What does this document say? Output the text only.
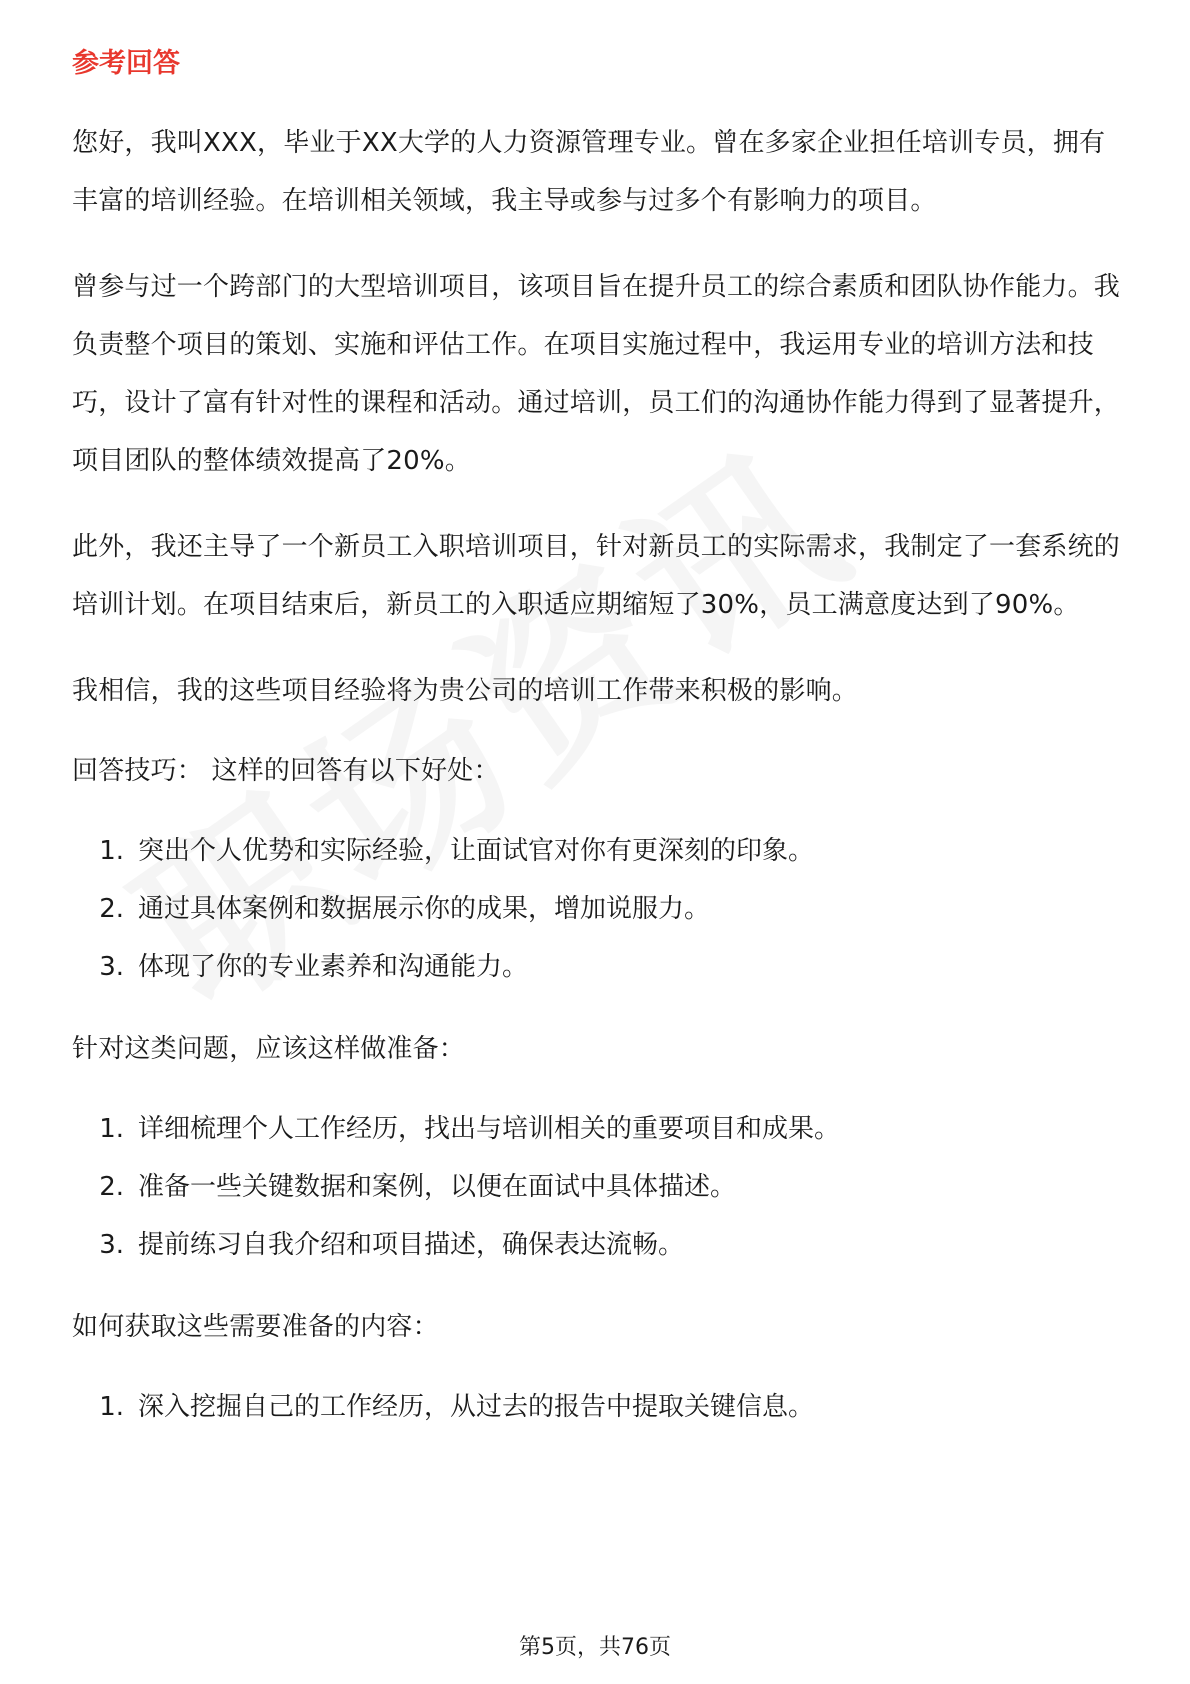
参考回答

您好，我叫XXX，毕业于XX大学的人力资源管理专业。曾在多家企业担任培训专员，拥有丰富的培训经验。在培训相关领域，我主导或参与过多个有影响力的项目。

曾参与过一个跨部门的大型培训项目，该项目旨在提升员工的综合素质和团队协作能力。我负责整个项目的策划、实施和评估工作。在项目实施过程中，我运用专业的培训方法和技巧，设计了富有针对性的课程和活动。通过培训，员工们的沟通协作能力得到了显著提升，项目团队的整体绩效提高了20%。

此外，我还主导了一个新员工入职培训项目，针对新员工的实际需求，我制定了一套系统的培训计划。在项目结束后，新员工的入职适应期缩短了30%，员工满意度达到了90%。

我相信，我的这些项目经验将为贵公司的培训工作带来积极的影响。

回答技巧： 这样的回答有以下好处：

1. 突出个人优势和实际经验，让面试官对你有更深刻的印象。
2. 通过具体案例和数据展示你的成果，增加说服力。
3. 体现了你的专业素养和沟通能力。

针对这类问题，应该这样做准备：

1. 详细梳理个人工作经历，找出与培训相关的重要项目和成果。
2. 准备一些关键数据和案例，以便在面试中具体描述。
3. 提前练习自我介绍和项目描述，确保表达流畅。

如何获取这些需要准备的内容：

1. 深入挖掘自己的工作经历，从过去的报告中提取关键信息。
第5页，共76页
